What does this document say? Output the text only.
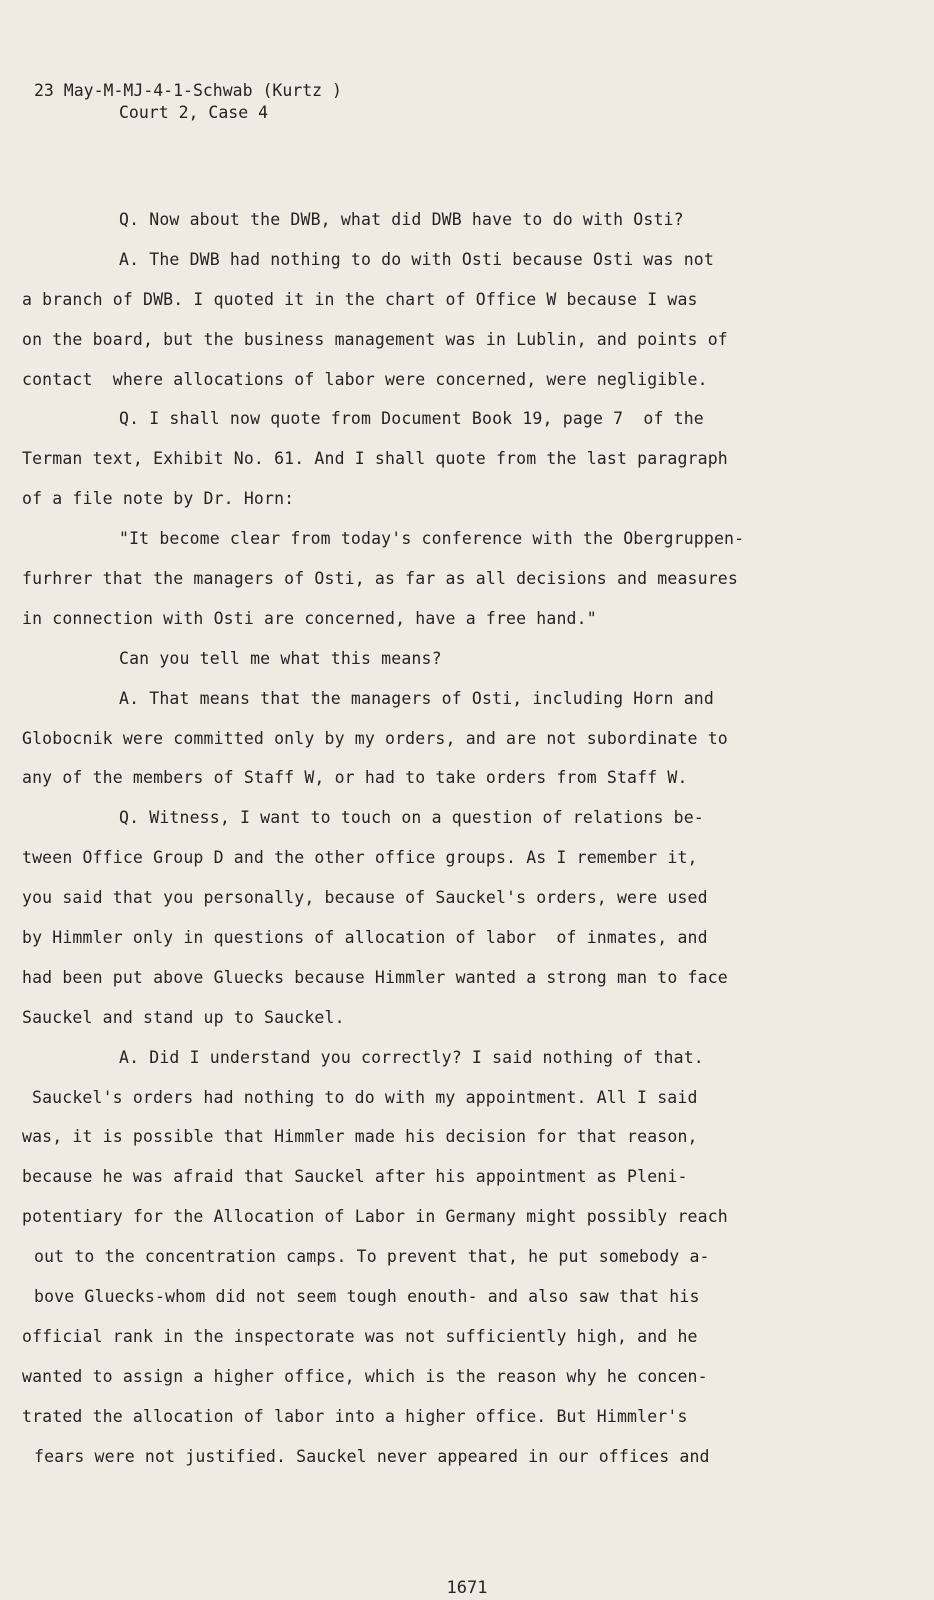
23 May-M-MJ-4-1-Schwab (Kurtz )
Court 2, Case 4
Q. Now about the DWB, what did DWB have to do with Osti?
A. The DWB had nothing to do with Osti because Osti was not
a branch of DWB. I quoted it in the chart of Office W because I was
on the board, but the business management was in Lublin, and points of
contact  where allocations of labor were concerned, were negligible.
Q. I shall now quote from Document Book 19, page 7  of the
Terman text, Exhibit No. 61. And I shall quote from the last paragraph
of a file note by Dr. Horn:
"It become clear from today's conference with the Obergruppen-
furhrer that the managers of Osti, as far as all decisions and measures
in connection with Osti are concerned, have a free hand."
Can you tell me what this means?
A. That means that the managers of Osti, including Horn and
Globocnik were committed only by my orders, and are not subordinate to
any of the members of Staff W, or had to take orders from Staff W.
Q. Witness, I want to touch on a question of relations be-
tween Office Group D and the other office groups. As I remember it,
you said that you personally, because of Sauckel's orders, were used
by Himmler only in questions of allocation of labor  of inmates, and
had been put above Gluecks because Himmler wanted a strong man to face
Sauckel and stand up to Sauckel.
A. Did I understand you correctly? I said nothing of that.
Sauckel's orders had nothing to do with my appointment. All I said
was, it is possible that Himmler made his decision for that reason,
because he was afraid that Sauckel after his appointment as Pleni-
potentiary for the Allocation of Labor in Germany might possibly reach
out to the concentration camps. To prevent that, he put somebody a-
bove Gluecks-whom did not seem tough enouth- and also saw that his
official rank in the inspectorate was not sufficiently high, and he
wanted to assign a higher office, which is the reason why he concen-
trated the allocation of labor into a higher office. But Himmler's
fears were not justified. Sauckel never appeared in our offices and
1671
